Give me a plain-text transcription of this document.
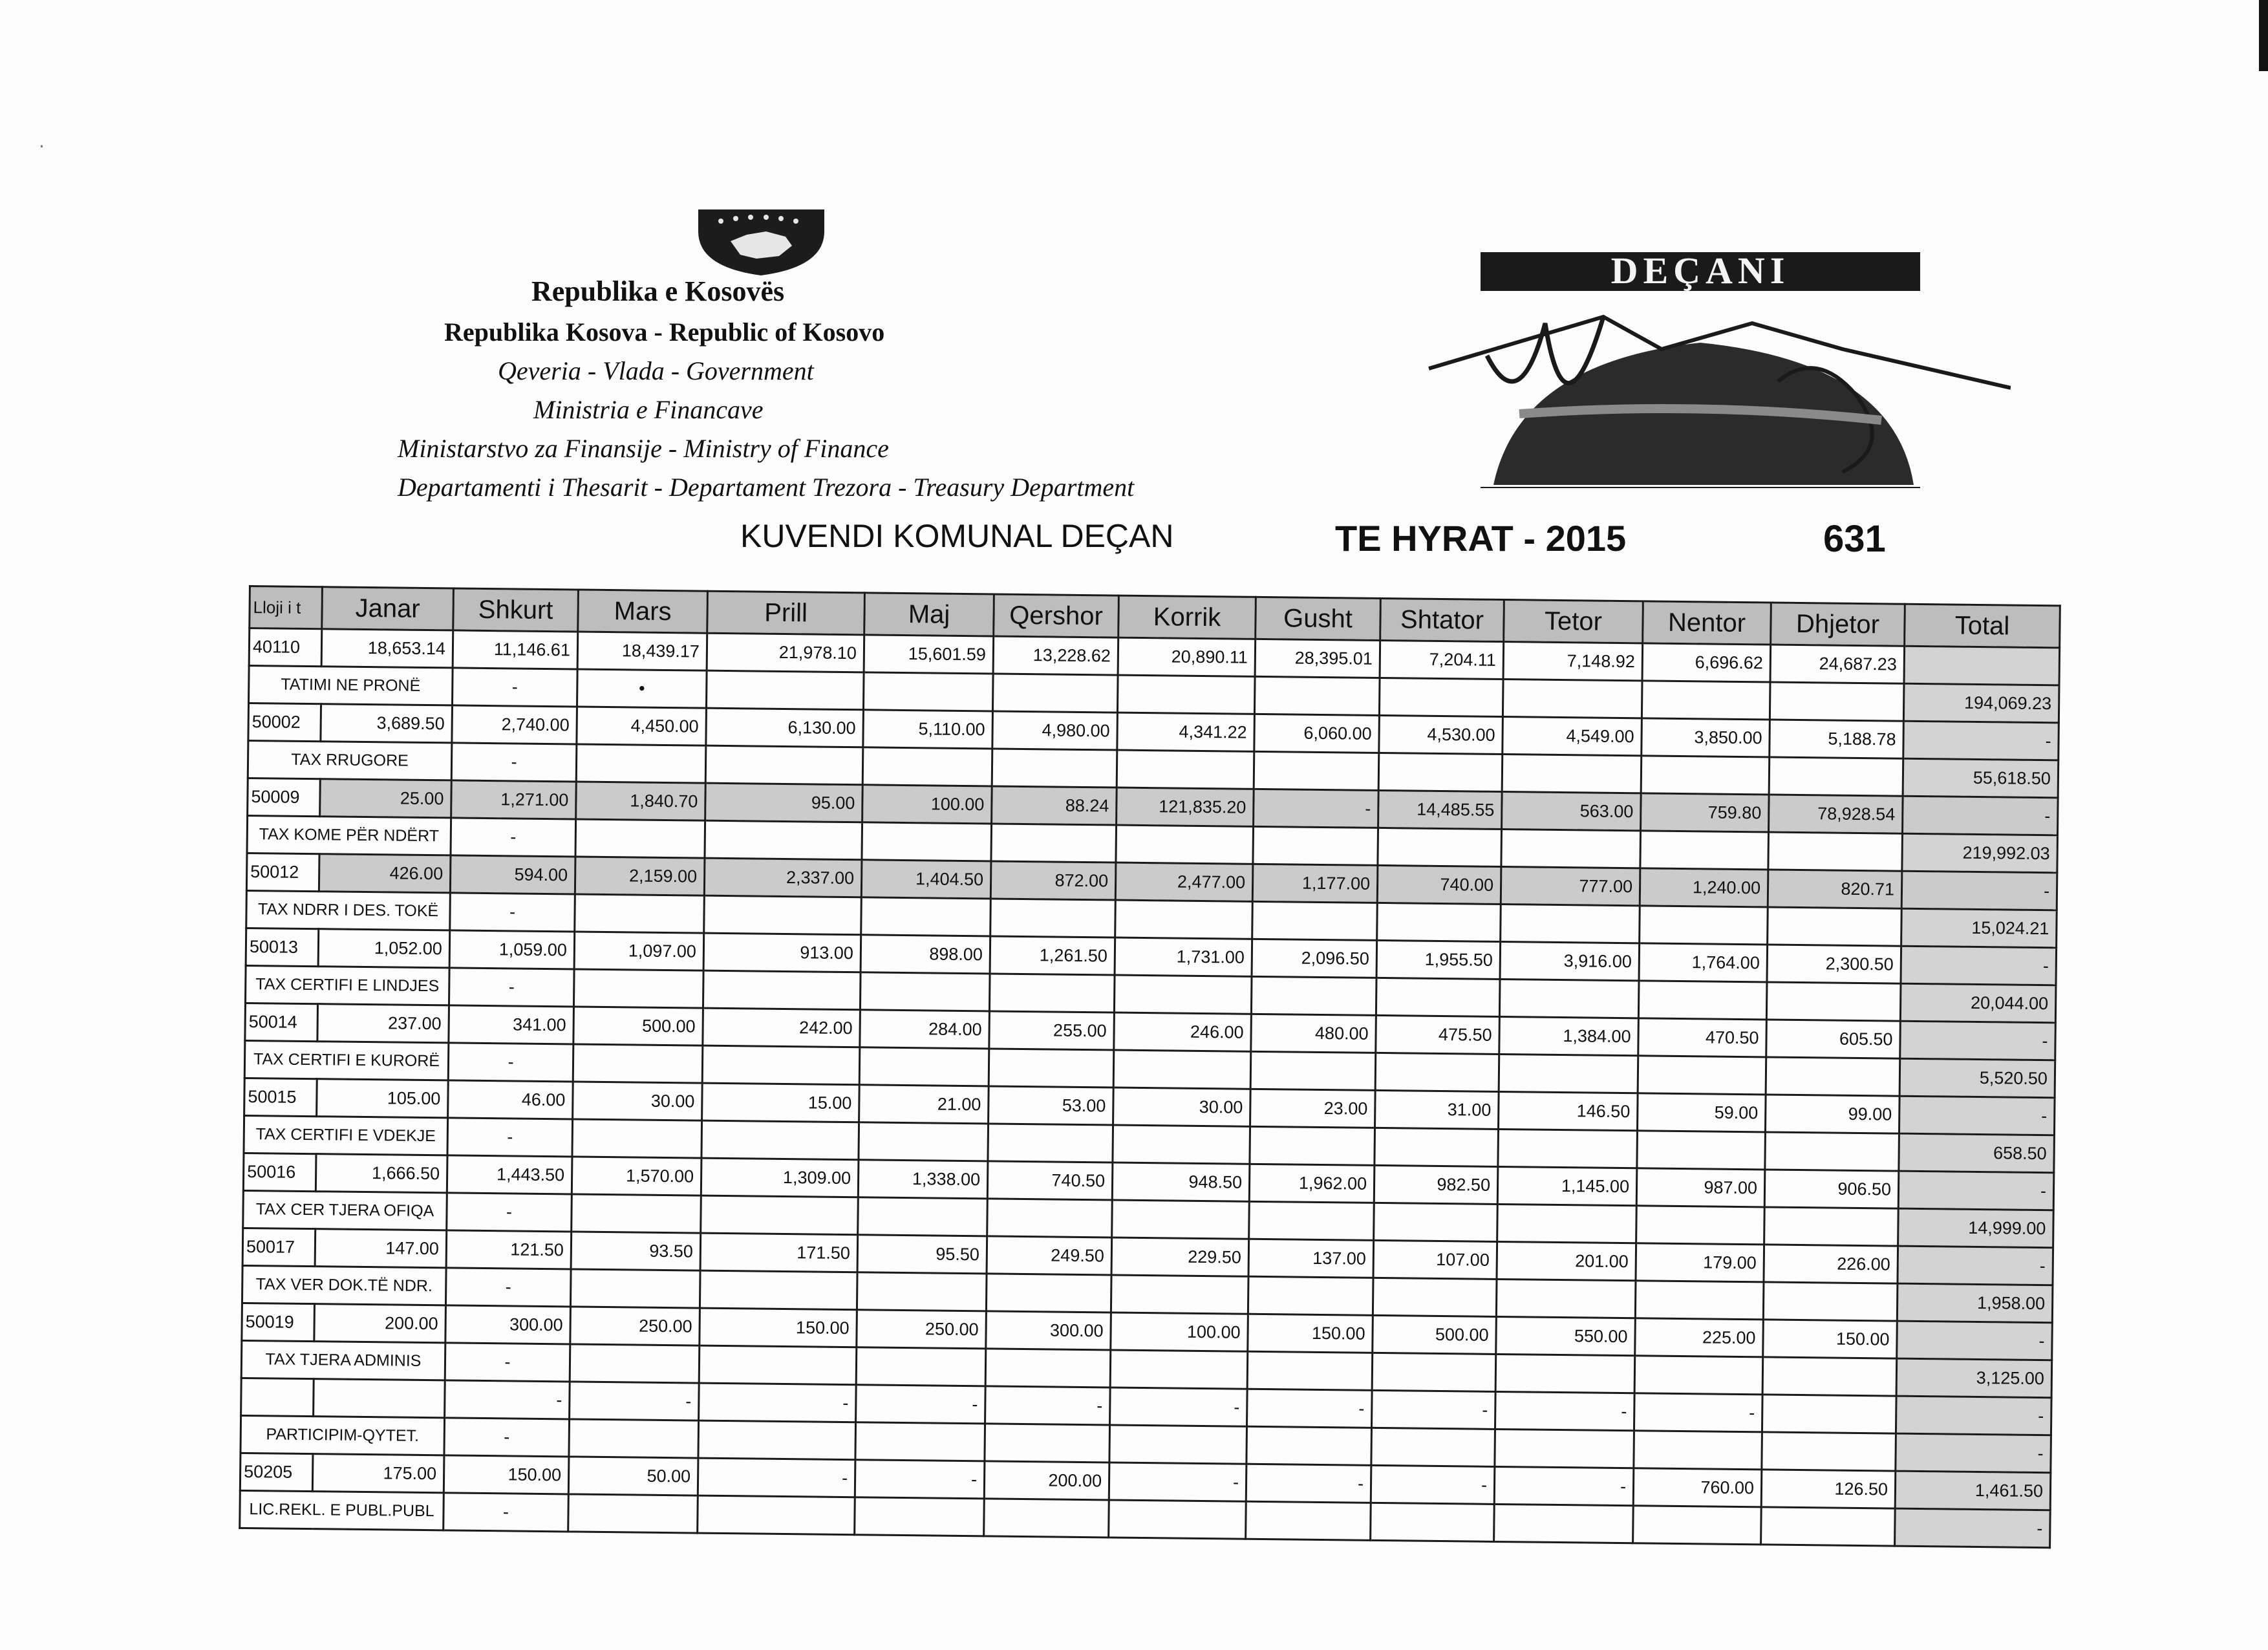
·
Republika e Kosovës
Republika Kosova - Republic of Kosovo
Qeveria - Vlada - Government
Ministria e Financave
Ministarstvo za Finansije - Ministry of Finance
Departamenti i Thesarit - Departament Trezora - Treasury Department
DEÇANI
KUVENDI KOMUNAL DEÇAN	TE HYRAT - 2015	631
Lloji i t	Janar	Shkurt	Mars	Prill	Maj	Qershor	Korrik	Gusht	Shtator	Tetor	Nentor	Dhjetor	Total
40110	18,653.14	11,146.61	18,439.17	21,978.10	15,601.59	13,228.62	20,890.11	28,395.01	7,204.11	7,148.92	6,696.62	24,687.23	
TATIMI NE PRONË		-	•										194,069.23
50002	3,689.50	2,740.00	4,450.00	6,130.00	5,110.00	4,980.00	4,341.22	6,060.00	4,530.00	4,549.00	3,850.00	5,188.78	-
TAX RRUGORE		-											55,618.50
50009	25.00	1,271.00	1,840.70	95.00	100.00	88.24	121,835.20	-	14,485.55	563.00	759.80	78,928.54	-
TAX KOME PËR NDËRT		-											219,992.03
50012	426.00	594.00	2,159.00	2,337.00	1,404.50	872.00	2,477.00	1,177.00	740.00	777.00	1,240.00	820.71	-
TAX NDRR I DES. TOKË		-											15,024.21
50013	1,052.00	1,059.00	1,097.00	913.00	898.00	1,261.50	1,731.00	2,096.50	1,955.50	3,916.00	1,764.00	2,300.50	-
TAX CERTIFI E LINDJES		-											20,044.00
50014	237.00	341.00	500.00	242.00	284.00	255.00	246.00	480.00	475.50	1,384.00	470.50	605.50	-
TAX CERTIFI E KURORË		-											5,520.50
50015	105.00	46.00	30.00	15.00	21.00	53.00	30.00	23.00	31.00	146.50	59.00	99.00	-
TAX CERTIFI E VDEKJE		-											658.50
50016	1,666.50	1,443.50	1,570.00	1,309.00	1,338.00	740.50	948.50	1,962.00	982.50	1,145.00	987.00	906.50	-
TAX CER TJERA OFIQA		-											14,999.00
50017	147.00	121.50	93.50	171.50	95.50	249.50	229.50	137.00	107.00	201.00	179.00	226.00	-
TAX VER DOK.TË NDR.		-											1,958.00
50019	200.00	300.00	250.00	150.00	250.00	300.00	100.00	150.00	500.00	550.00	225.00	150.00	-
TAX TJERA ADMINIS		-											3,125.00
		-	-	-	-	-	-	-	-	-	-		-
PARTICIPIM-QYTET.		-											-
50205	175.00	150.00	50.00	-	-	200.00	-	-	-	-	760.00	126.50	1,461.50
LIC.REKL. E PUBL.PUBL		-											-
